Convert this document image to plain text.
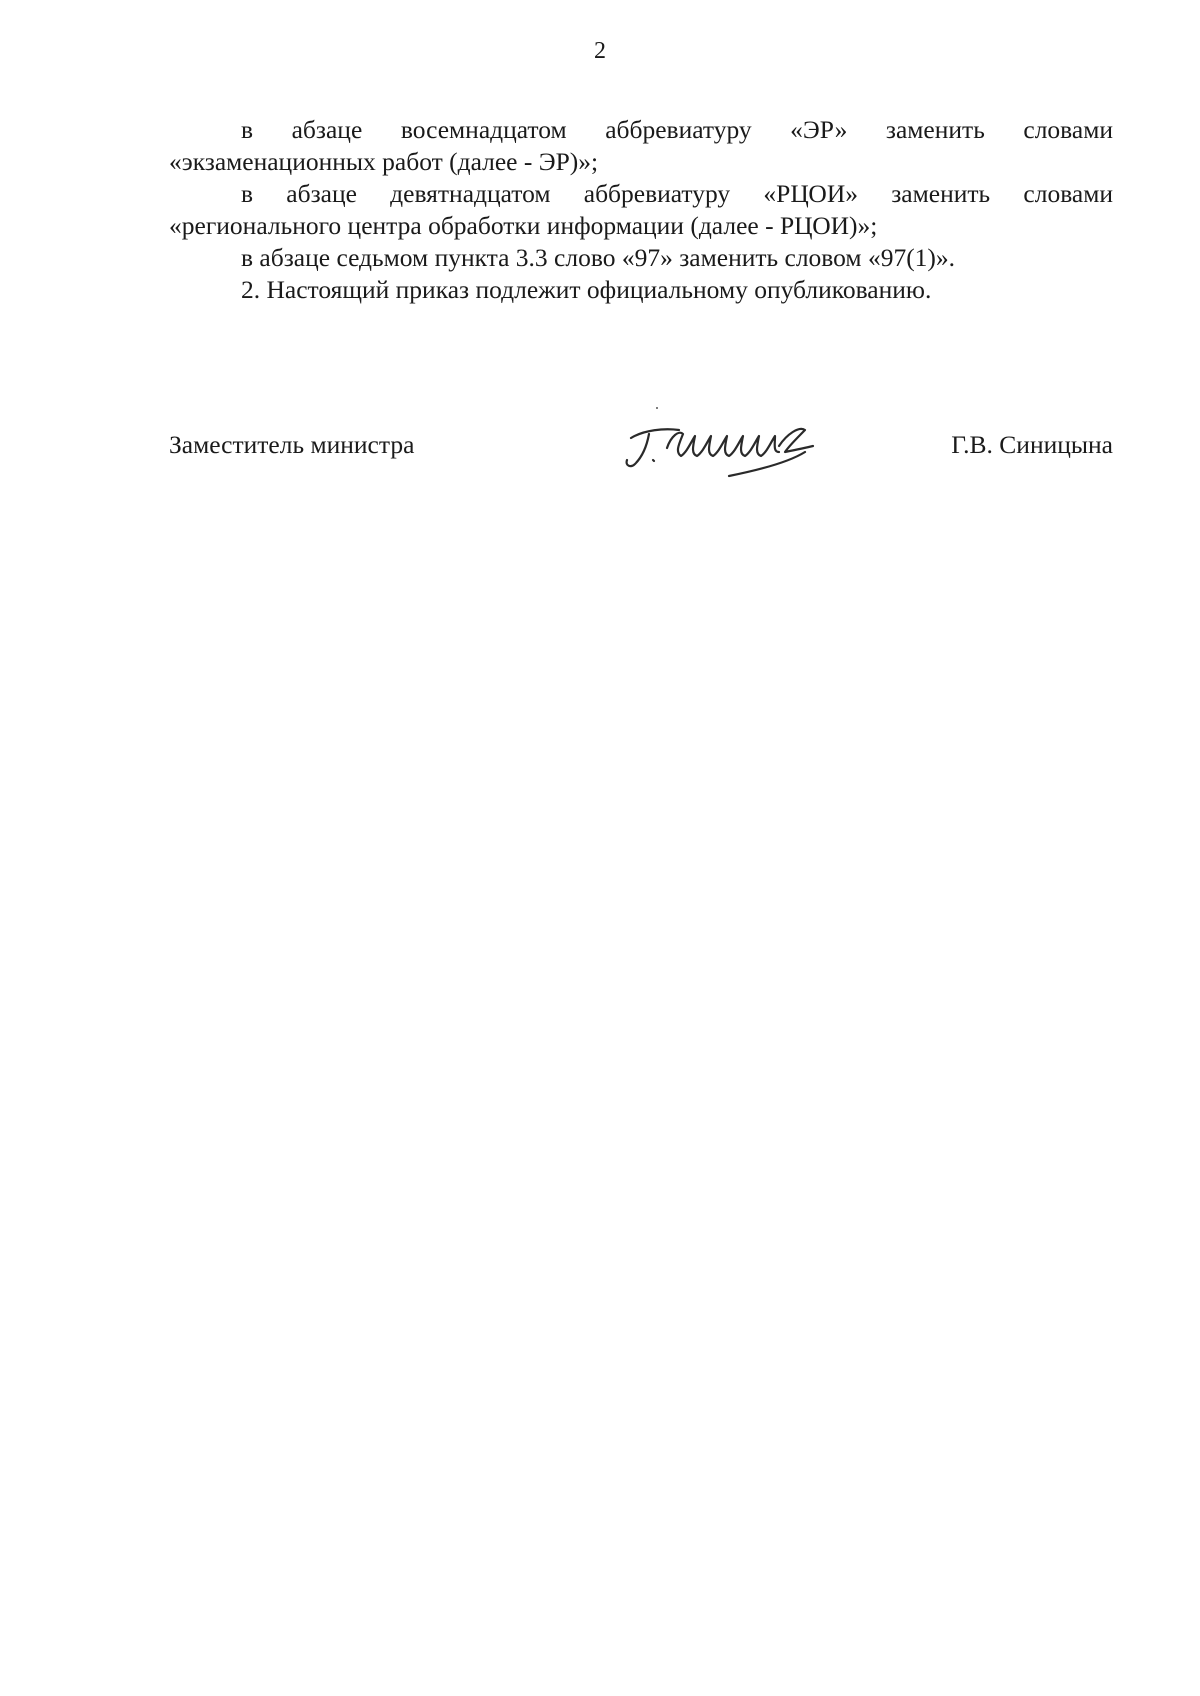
2

в абзаце восемнадцатом аббревиатуру «ЭР» заменить словами «экзаменационных работ (далее - ЭР)»;

в абзаце девятнадцатом аббревиатуру «РЦОИ» заменить словами «регионального центра обработки информации (далее - РЦОИ)»;

в абзаце седьмом пункта 3.3 слово «97» заменить словом «97(1)».

2. Настоящий приказ подлежит официальному опубликованию.

Заместитель министра	Г.В. Синицына
